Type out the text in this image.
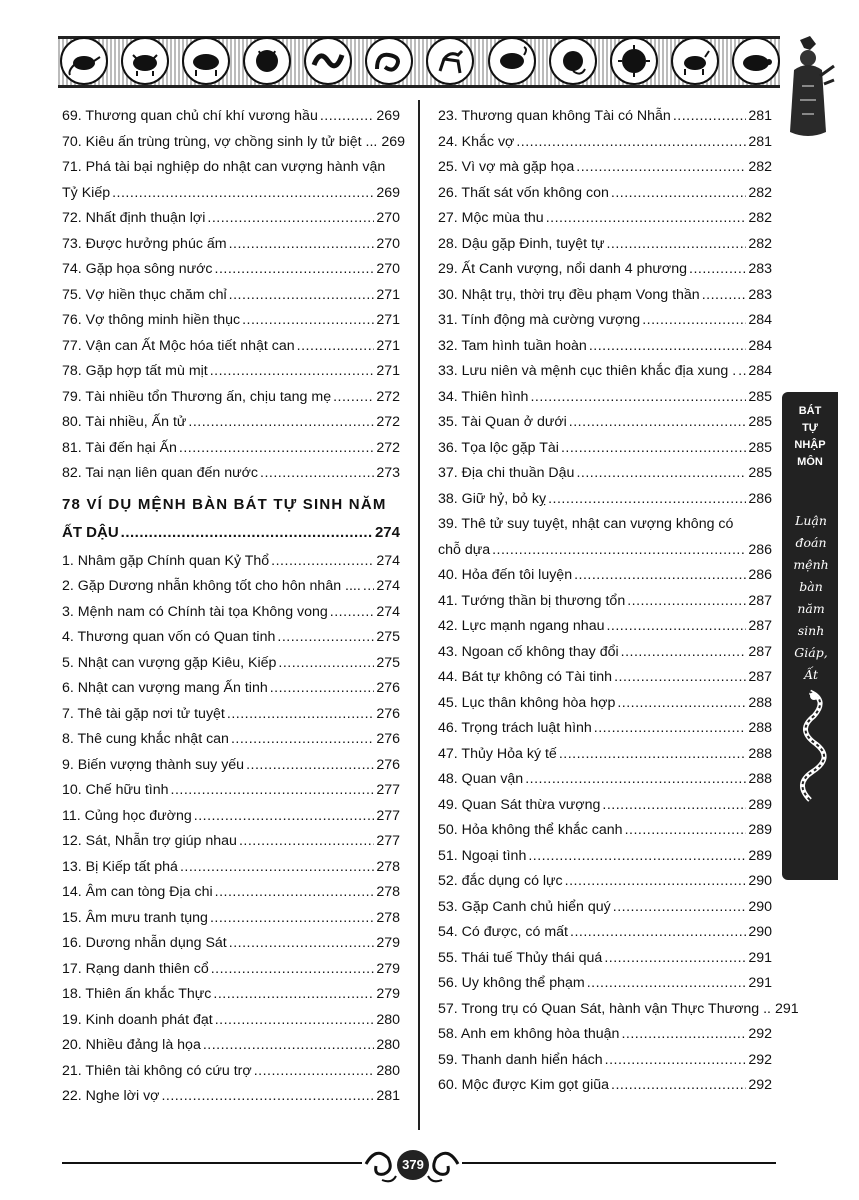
69. Thương quan chủ chí khí vương hầu .....	269
70. Kiêu ấn trùng trùng, vợ chồng sinh ly tử biệt ... 269
71. Phá tài bại nghiệp do nhật can vượng hành vận
Tỷ Kiếp .....	269
72. Nhất định thuận lợi .....	270
73. Được hưởng phúc ấm .....	270
74. Gặp họa sông nước .....	270
75. Vợ hiền thục chăm chỉ .....	271
76. Vợ thông minh hiền thục .....	271
77. Vận can Ất Mộc hóa tiết nhật can .....	271
78. Gặp hợp tất mù mịt .....	271
79. Tài nhiều tổn Thương ấn, chịu tang mẹ .....	272
80. Tài nhiều, Ấn tử .....	272
81. Tài đến hại Ấn .....	272
82. Tai nạn liên quan đến nước .....	273
78 VÍ DỤ MỆNH BÀN BÁT TỰ SINH NĂM
ẤT DẬU .....	274
1. Nhâm gặp Chính quan Kỷ Thổ .....	274
2. Gặp Dương nhẫn không tốt cho hôn nhân .... ..... 274
3. Mệnh nam có Chính tài tọa Không vong .....	274
4. Thương quan vốn có Quan tinh .....	275
5. Nhật can vượng gặp Kiêu, Kiếp .....	275
6. Nhật can vượng mang Ấn tinh .....	276
7. Thê tài gặp nơi tử tuyệt .....	276
8. Thê cung khắc nhật can .....	276
9. Biến vượng thành suy yếu .....	276
10. Chế hữu tình .....	277
11. Củng học đường .....	277
12. Sát, Nhẫn trợ giúp nhau .....	277
13. Bị Kiếp tất phá .....	278
14. Âm can tòng Địa chi .....	278
15. Âm mưu tranh tụng .....	278
16. Dương nhẫn dụng Sát .....	279
17. Rạng danh thiên cổ .....	279
18. Thiên ấn khắc Thực .....	279
19. Kinh doanh phát đạt .....	280
20. Nhiều đảng là họa .....	280
21. Thiên tài không có cứu trợ .....	280
22. Nghe lời vợ .....	281
23. Thương quan không Tài có Nhẫn .....	281
24. Khắc vợ .....	281
25. Vì vợ mà gặp họa .....	282
26. Thất sát vốn không con .....	282
27. Mộc mùa thu .....	282
28. Dậu gặp Đinh, tuyệt tự .....	282
29. Ất Canh vượng, nổi danh 4 phương .....	283
30. Nhật trụ, thời trụ đều phạm Vong thần .....	283
31. Tính động mà cường vượng .....	284
32. Tam hình tuần hoàn .....	284
33. Lưu niên và mệnh cục thiên khắc địa xung . ..... 284
34. Thiên hình .....	285
35. Tài Quan ở dưới .....	285
36. Tọa lộc gặp Tài .....	285
37. Địa chi thuần Dậu .....	285
38. Giữ hỷ, bỏ kỵ .....	286
39. Thê tử suy tuyệt, nhật can vượng không có
chỗ dựa .....	286
40. Hỏa đến tôi luyện .....	286
41. Tướng thần bị thương tổn .....	287
42. Lực mạnh ngang nhau .....	287
43. Ngoan cố không thay đổi .....	287
44. Bát tự không có Tài tinh .....	287
45. Lục thân không hòa hợp .....	288
46. Trọng trách luật hình .....	288
47. Thủy Hỏa ký tế .....	288
48. Quan vận .....	288
49. Quan Sát thừa vượng .....	289
50. Hỏa không thể khắc canh .....	289
51. Ngoại tình .....	289
52. đắc dụng có lực .....	290
53. Gặp Canh chủ hiển quý .....	290
54. Có được, có mất .....	290
55. Thái tuế Thủy thái quá .....	291
56. Uy không thể phạm .....	291
57. Trong trụ có Quan Sát, hành vận Thực Thương .. 291
58. Anh em không hòa thuận .....	292
59. Thanh danh hiển hách .....	292
60. Mộc được Kim gọt giũa .....	292
BÁT
TỰ
NHẬP
MÔN
Luận
đoán
mệnh
bàn
năm
sinh
Giáp,
Ất
379
